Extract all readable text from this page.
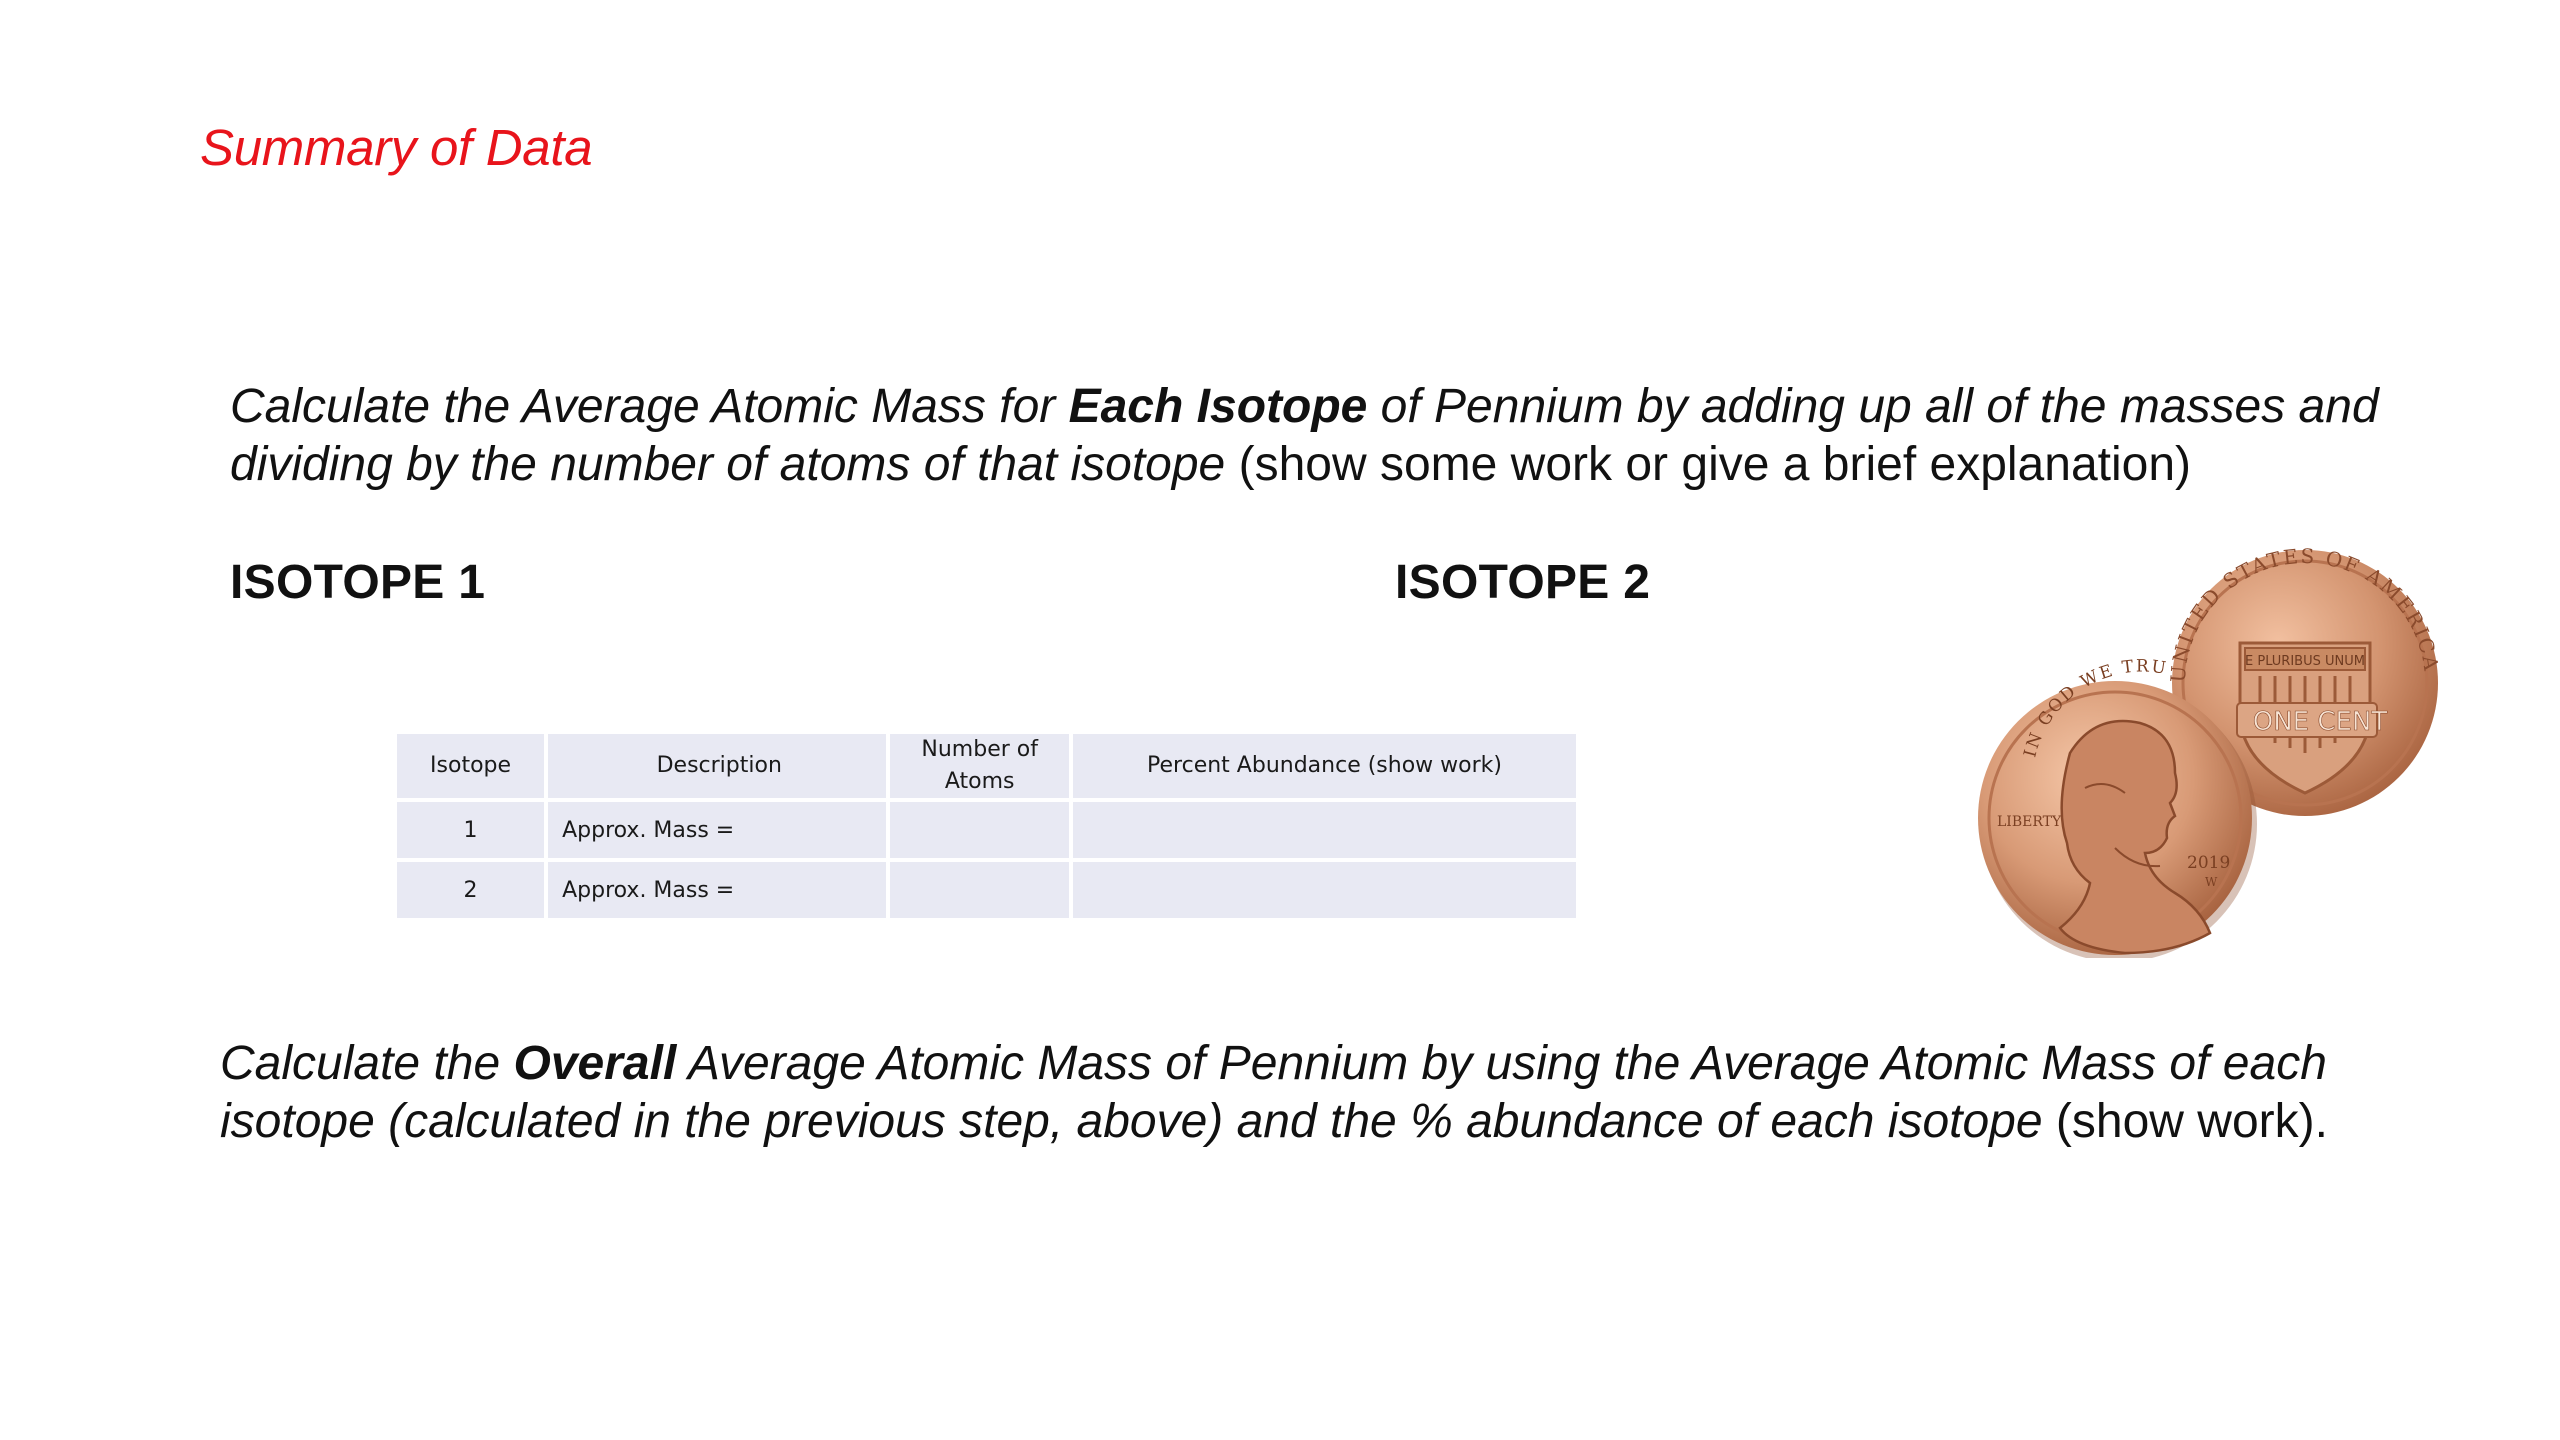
Summary of Data

Calculate the Average Atomic Mass for Each Isotope of Pennium by adding up all of the masses and dividing by the number of atoms of that isotope (show some work or give a brief explanation)

ISOTOPE 1	ISOTOPE 2
Isotope	Description	Number of Atoms	Percent Abundance (show work)
1	Approx. Mass =		
2	Approx. Mass =		
UNITED STATES OF AMERICA
E PLURIBUS UNUM
ONE CENT
IN GOD WE TRU
LIBERTY
2019
W

Calculate the Overall Average Atomic Mass of Pennium by using the Average Atomic Mass of each isotope (calculated in the previous step, above) and the % abundance of each isotope (show work).
